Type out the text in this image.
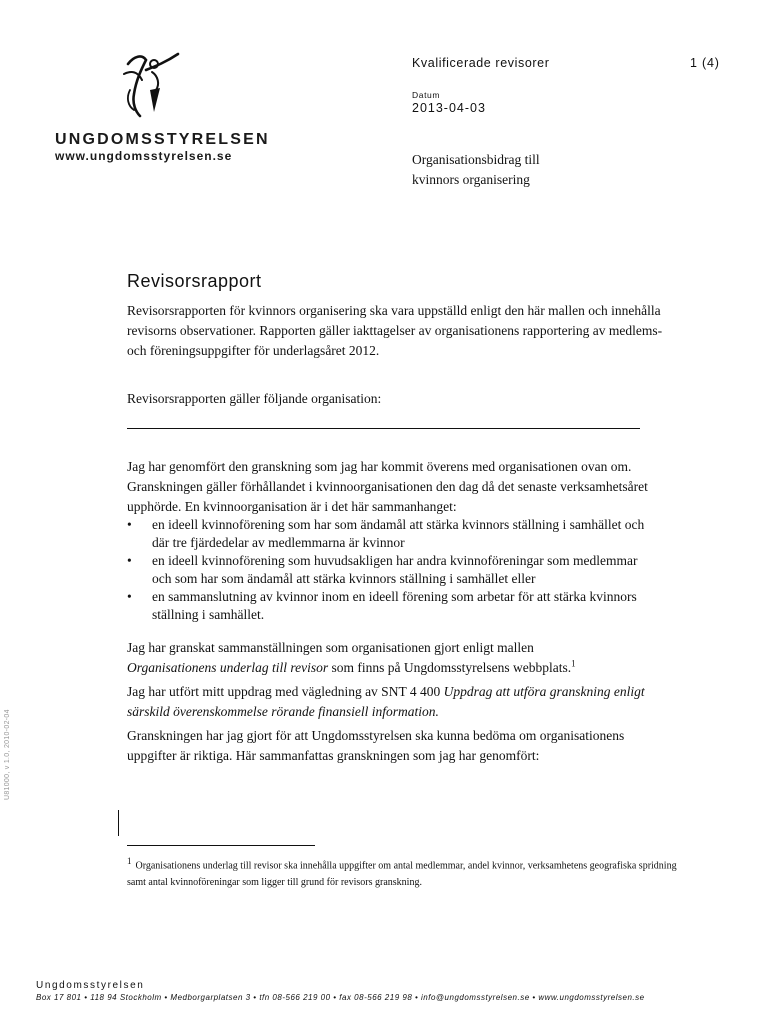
UNGDOMSSTYRELSEN
www.ungdomsstyrelsen.se
Kvalificerade revisorer	1 (4)
Datum
2013-04-03
Organisationsbidrag till
kvinnors organisering
Revisorsrapport
Revisorsrapporten för kvinnors organisering ska vara uppställd enligt den här mallen och innehålla revisorns observationer. Rapporten gäller iakttagelser av organisationens rapportering av medlems- och föreningsuppgifter för underlagsåret 2012.
Revisorsrapporten gäller följande organisation:
Jag har genomfört den granskning som jag har kommit överens med organisationen ovan om. Granskningen gäller förhållandet i kvinnoorganisationen den dag då det senaste verksamhetsåret upphörde. En kvinnoorganisation är i det här sammanhanget:
• en ideell kvinnoförening som har som ändamål att stärka kvinnors ställning i samhället och där tre fjärdedelar av medlemmarna är kvinnor
• en ideell kvinnoförening som huvudsakligen har andra kvinnoföreningar som medlemmar och som har som ändamål att stärka kvinnors ställning i samhället eller
• en sammanslutning av kvinnor inom en ideell förening som arbetar för att stärka kvinnors ställning i samhället.
Jag har granskat sammanställningen som organisationen gjort enligt mallen
Organisationens underlag till revisor som finns på Ungdomsstyrelsens webbplats.$^1$
Jag har utfört mitt uppdrag med vägledning av SNT 4 400 Uppdrag att utföra granskning enligt särskild överenskommelse rörande finansiell information.
Granskningen har jag gjort för att Ungdomsstyrelsen ska kunna bedöma om organisationens uppgifter är riktiga. Här sammanfattas granskningen som jag har genomfört:
U81000, v 1.0, 2010-02-04
1 Organisationens underlag till revisor ska innehålla uppgifter om antal medlemmar, andel kvinnor, verksamhetens geografiska spridning samt antal kvinnoföreningar som ligger till grund för revisors granskning.
Ungdomsstyrelsen
Box 17 801 • 118 94 Stockholm • Medborgarplatsen 3 • tfn 08-566 219 00 • fax 08-566 219 98 • info@ungdomsstyrelsen.se • www.ungdomsstyrelsen.se
